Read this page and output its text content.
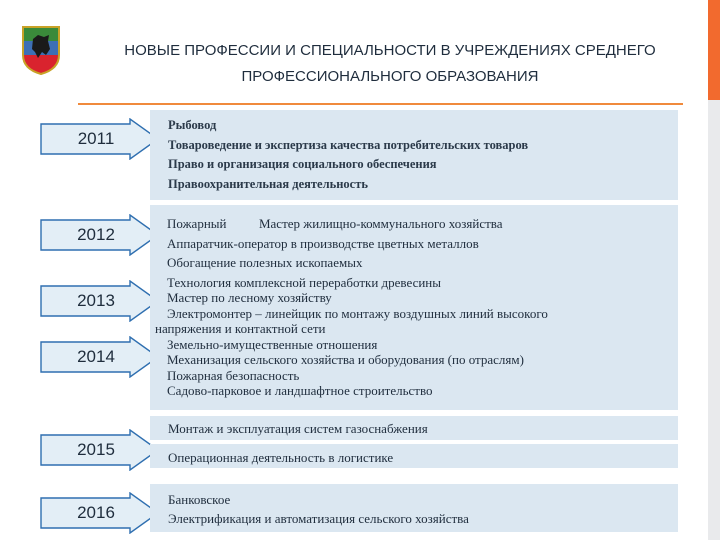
НОВЫЕ ПРОФЕССИИ И СПЕЦИАЛЬНОСТИ В УЧРЕЖДЕНИЯХ СРЕДНЕГО
ПРОФЕССИОНАЛЬНОГО ОБРАЗОВАНИЯ
2011
2012
2013
2014
2015
2016
Рыбовод
Товароведение и экспертиза качества потребительских товаров
Право и организация социального обеспечения
Правоохранительная деятельность
Пожарный          Мастер жилищно-коммунального хозяйства
Аппаратчик-оператор в производстве цветных металлов
Обогащение полезных ископаемых
Технология комплексной переработки древесины
Мастер по лесному хозяйству
Электромонтер – линейщик по монтажу воздушных линий высокого
напряжения и контактной сети
Земельно-имущественные отношения
Механизация сельского хозяйства и оборудования (по отраслям)
Пожарная безопасность
Садово-парковое и ландшафтное строительство
Монтаж и эксплуатация систем газоснабжения
Операционная деятельность в логистике
Банковское
Электрификация и автоматизация сельского хозяйства
